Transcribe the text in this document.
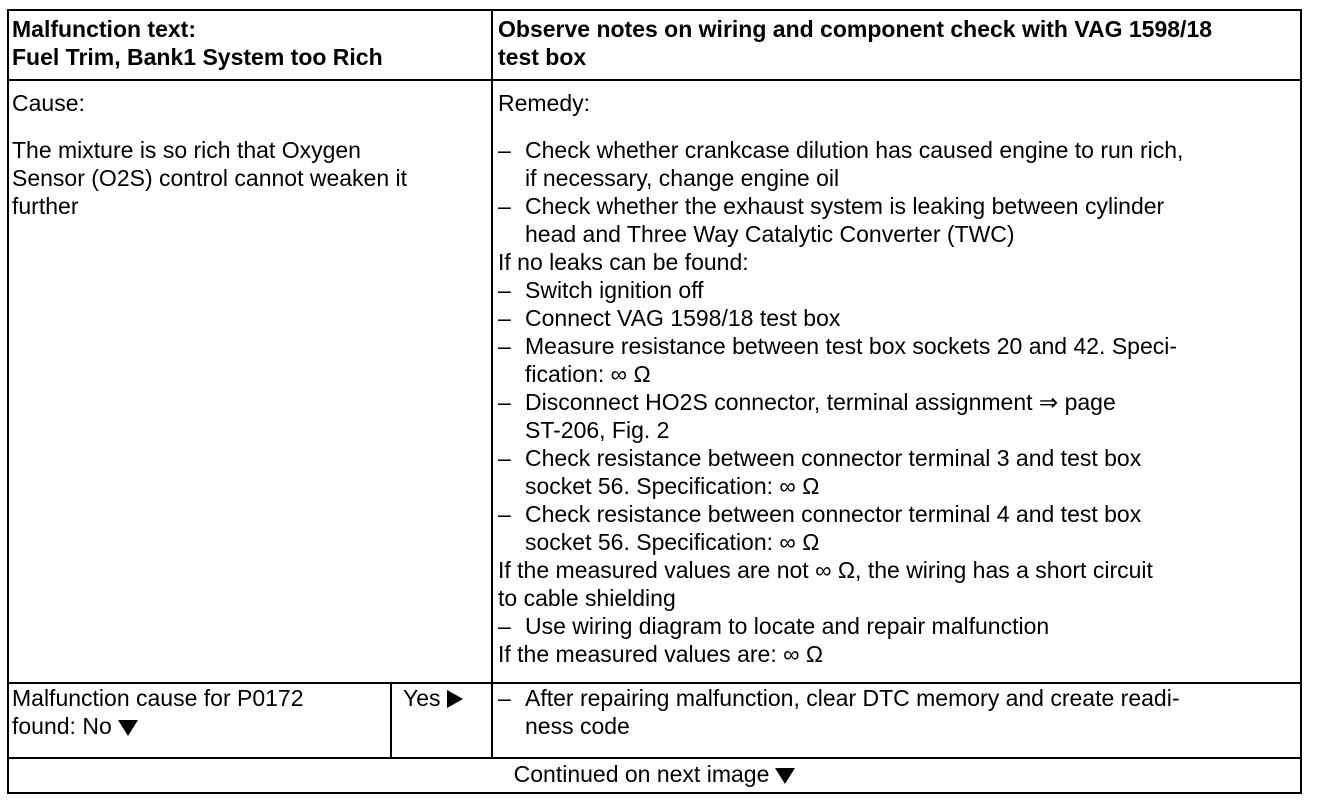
Malfunction text:
Fuel Trim, Bank1 System too Rich
Observe notes on wiring and component check with VAG 1598/18
test box
Cause:
The mixture is so rich that Oxygen
Sensor (O2S) control cannot weaken it
further
Remedy:
– Check whether crankcase dilution has caused engine to run rich,
if necessary, change engine oil
– Check whether the exhaust system is leaking between cylinder
head and Three Way Catalytic Converter (TWC)
If no leaks can be found:
– Switch ignition off
– Connect VAG 1598/18 test box
– Measure resistance between test box sockets 20 and 42. Speci-
fication: ∞ Ω
– Disconnect HO2S connector, terminal assignment ⇒ page
ST-206, Fig. 2
– Check resistance between connector terminal 3 and test box
socket 56. Specification: ∞ Ω
– Check resistance between connector terminal 4 and test box
socket 56. Specification: ∞ Ω
If the measured values are not ∞ Ω, the wiring has a short circuit
to cable shielding
– Use wiring diagram to locate and repair malfunction
If the measured values are: ∞ Ω
Malfunction cause for P0172
found: No
Yes	– After repairing malfunction, clear DTC memory and create readi-
ness code
Continued on next image
